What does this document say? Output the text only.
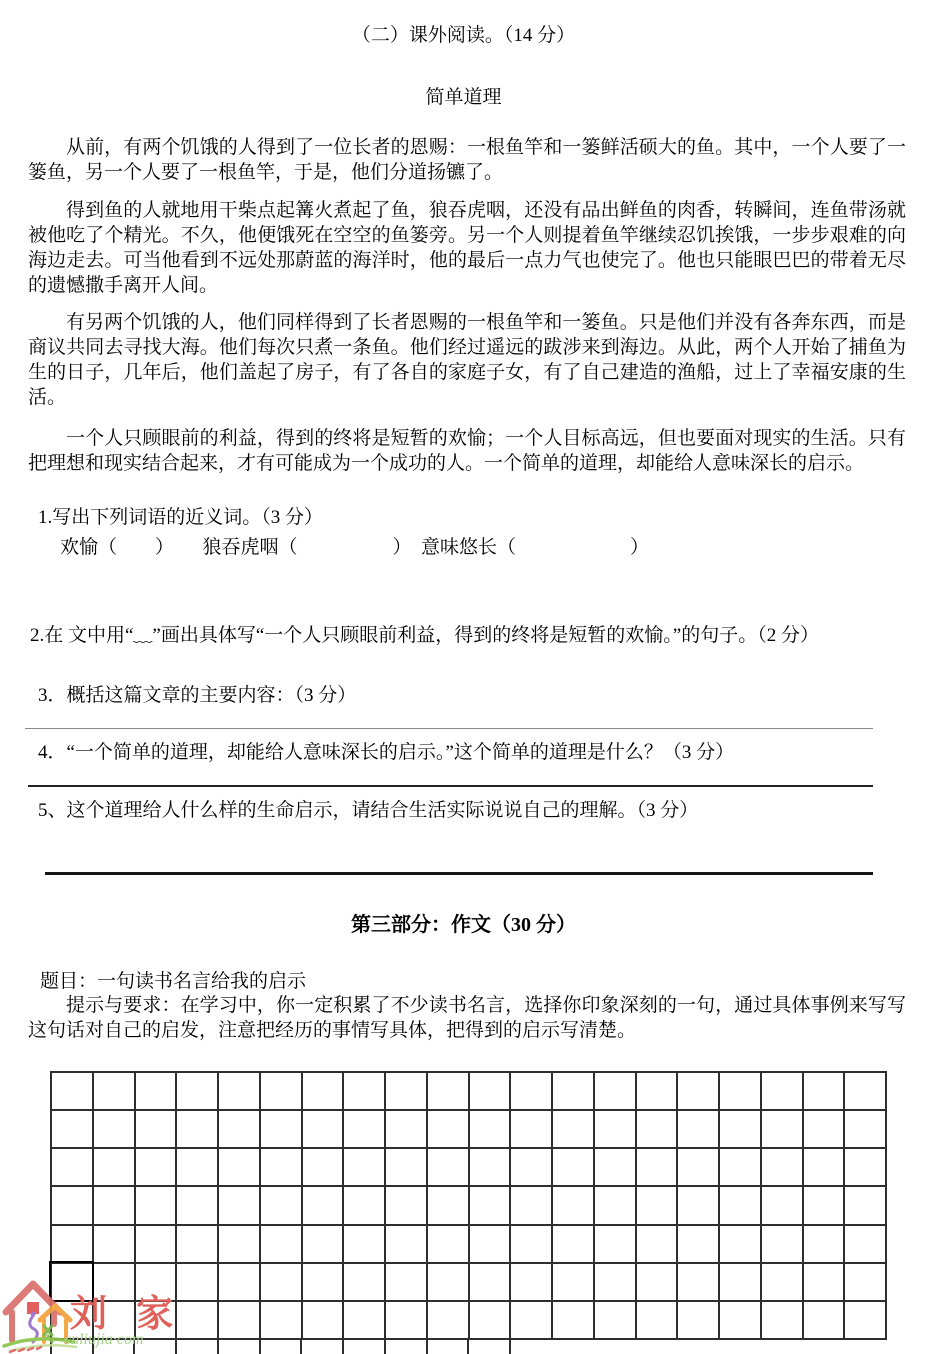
（二）课外阅读。（14 分）
简单道理

从前，有两个饥饿的人得到了一位长者的恩赐：一根鱼竿和一篓鲜活硕大的鱼。其中，一个人要了一篓鱼，另一个人要了一根鱼竿，于是，他们分道扬镳了。

得到鱼的人就地用干柴点起篝火煮起了鱼，狼吞虎咽，还没有品出鲜鱼的肉香，转瞬间，连鱼带汤就被他吃了个精光。不久，他便饿死在空空的鱼篓旁。另一个人则提着鱼竿继续忍饥挨饿，一步步艰难的向海边走去。可当他看到不远处那蔚蓝的海洋时，他的最后一点力气也使完了。他也只能眼巴巴的带着无尽的遗憾撒手离开人间。

有另两个饥饿的人，他们同样得到了长者恩赐的一根鱼竿和一篓鱼。只是他们并没有各奔东西，而是商议共同去寻找大海。他们每次只煮一条鱼。他们经过遥远的跋涉来到海边。从此，两个人开始了捕鱼为生的日子，几年后，他们盖起了房子，有了各自的家庭子女，有了自己建造的渔船，过上了幸福安康的生活。

一个人只顾眼前的利益，得到的终将是短暂的欢愉；一个人目标高远，但也要面对现实的生活。只有把理想和现实结合起来，才有可能成为一个成功的人。一个简单的道理，却能给人意味深长的启示。

1.写出下列词语的近义词。（3 分）

欢愉（　　）　　狼吞虎咽（　　　　　）　意味悠长（　　　　　　）

2.在 文中用“﹏”画出具体写“一个人只顾眼前利益，得到的终将是短暂的欢愉。”的句子。（2 分）

3．概括这篇文章的主要内容：（3 分）

4．“一个简单的道理，却能给人意味深长的启示。”这个简单的道理是什么？（3 分）

5、这个道理给人什么样的生命启示，请结合生活实际说说自己的理解。（3 分）

第三部分：作文（30 分）

题目：一句读书名言给我的启示

提示与要求：在学习中，你一定积累了不少读书名言，选择你印象深刻的一句，通过具体事例来写写这句话对自己的启发，注意把经历的事情写具体，把得到的启示写清楚。

刘 家
cnliujia·com
